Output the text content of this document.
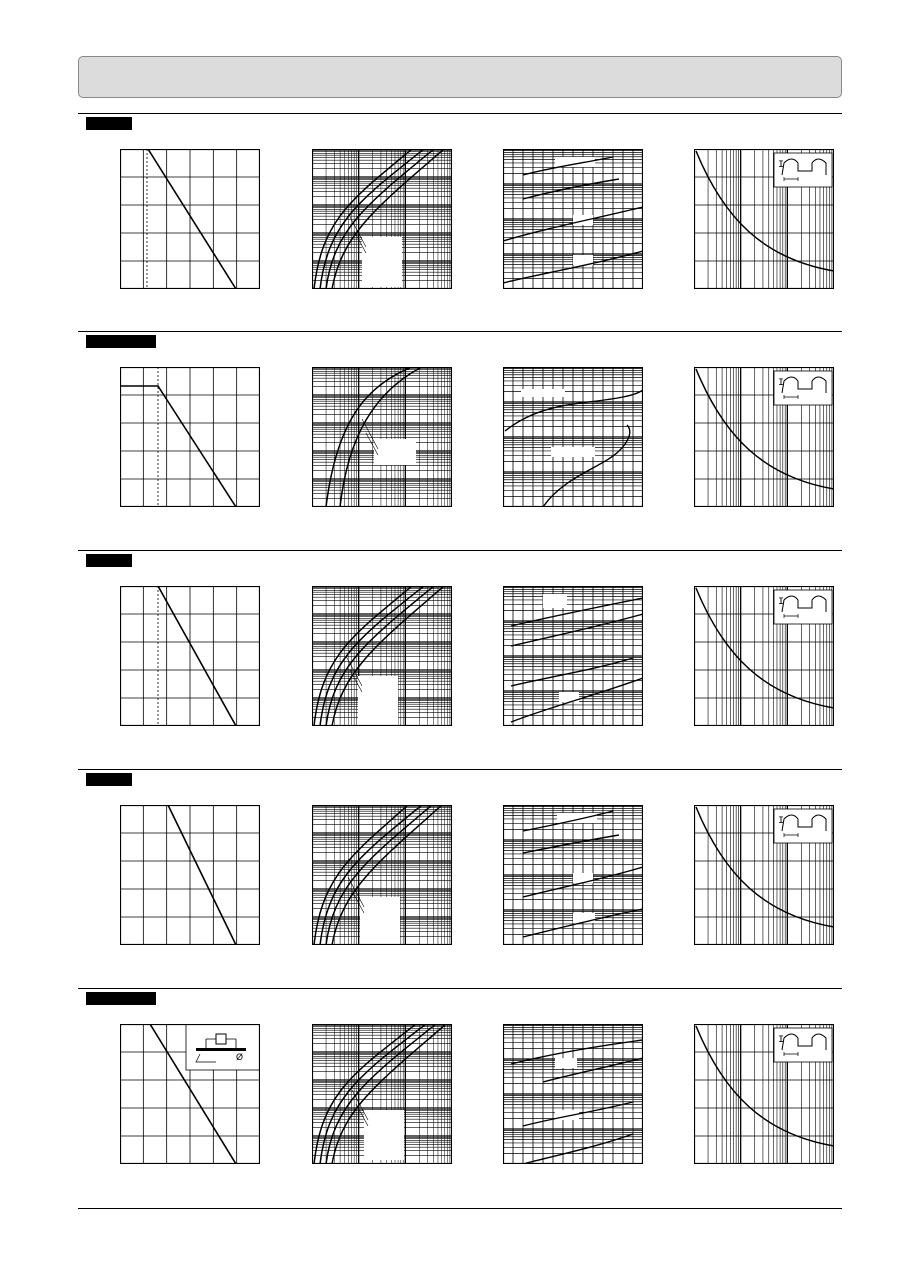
I
I
I
I
Ø
I
